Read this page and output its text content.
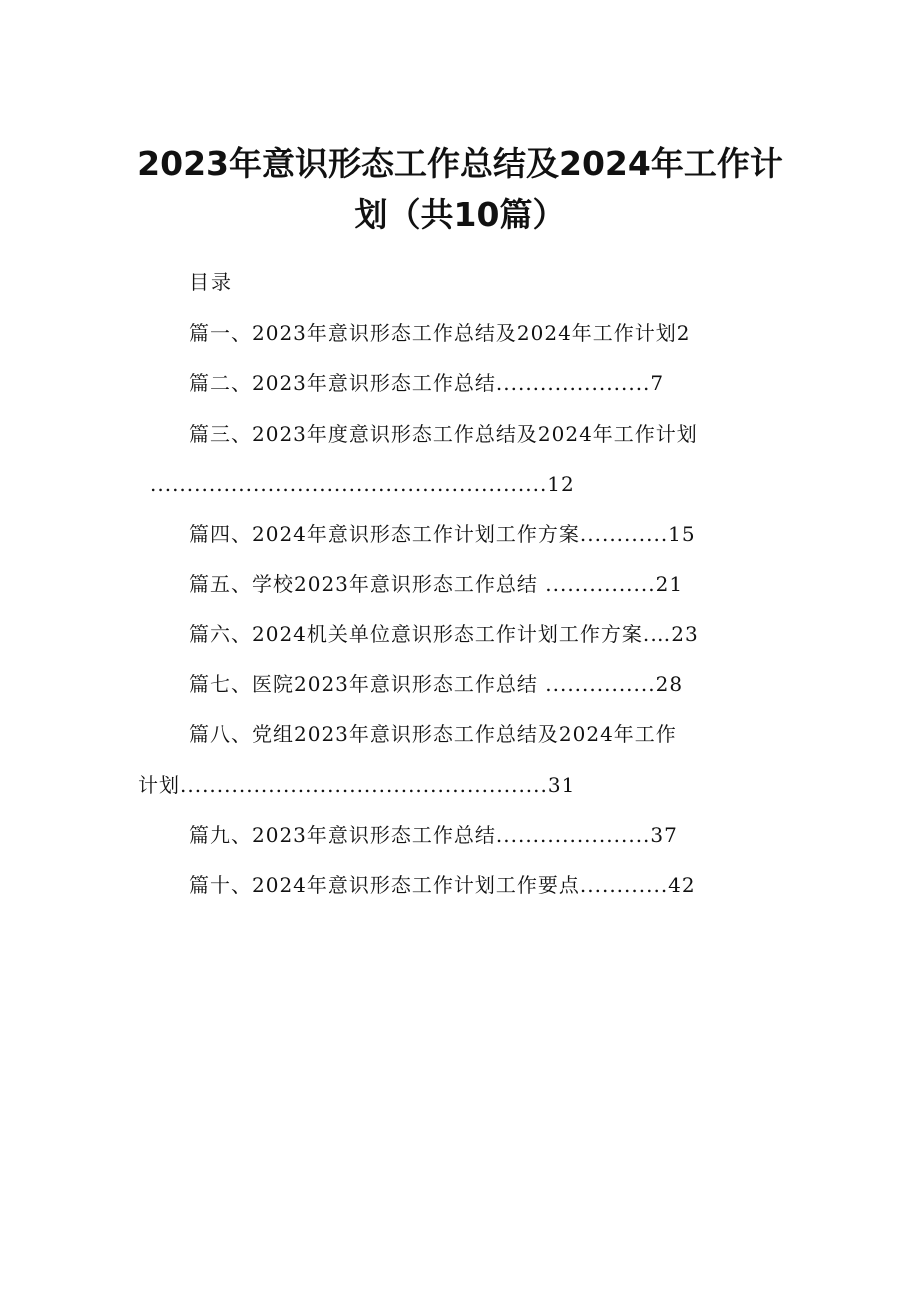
2023年意识形态工作总结及2024年工作计
划（共10篇）
目录
篇一、2023年意识形态工作总结及2024年工作计划2
篇二、2023年意识形态工作总结.....................7
篇三、2023年度意识形态工作总结及2024年工作计划
......................................................12
篇四、2024年意识形态工作计划工作方案............15
篇五、学校2023年意识形态工作总结 ...............21
篇六、2024机关单位意识形态工作计划工作方案.…23
篇七、医院2023年意识形态工作总结 ...............28
篇八、党组2023年意识形态工作总结及2024年工作
计划..................................................31
篇九、2023年意识形态工作总结.....................37
篇十、2024年意识形态工作计划工作要点............42
